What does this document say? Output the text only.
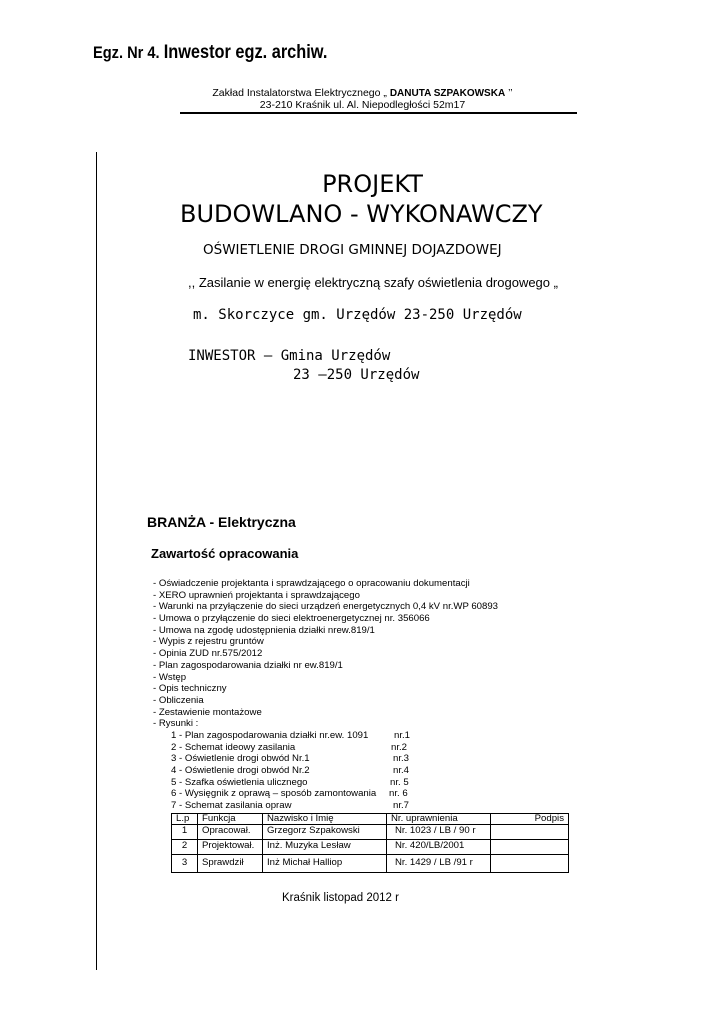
Egz. Nr 4. Inwestor egz. archiw.
Zakład Instalatorstwa Elektrycznego „ DANUTA SZPAKOWSKA ’’
23-210 Kraśnik ul. Al. Niepodległości 52m17
PROJEKT
BUDOWLANO - WYKONAWCZY
OŚWIETLENIE DROGI GMINNEJ DOJAZDOWEJ
,, Zasilanie w energię elektryczną szafy oświetlenia drogowego „
m. Skorczyce gm. Urzędów 23-250 Urzędów
INWESTOR – Gmina Urzędów
23 –250 Urzędów
BRANŻA - Elektryczna
Zawartość opracowania
- Oświadczenie projektanta i sprawdzającego o opracowaniu dokumentacji
- XERO uprawnień projektanta i sprawdzającego
- Warunki na przyłączenie do sieci urządzeń energetycznych 0,4 kV nr.WP 60893
- Umowa o przyłączenie do sieci elektroenergetycznej nr. 356066
- Umowa na zgodę udostępnienia działki nrew.819/1
- Wypis z rejestru gruntów
- Opinia ZUD nr.575/2012
- Plan zagospodarowania działki nr ew.819/1
- Wstęp
- Opis techniczny
- Obliczenia
- Zestawienie montażowe
- Rysunki :
1 - Plan zagospodarowania działki nr.ew. 1091	nr.1
2 - Schemat ideowy zasilania	nr.2
3 - Oświetlenie drogi obwód Nr.1	nr.3
4 - Oświetlenie drogi obwód Nr.2	nr.4
5 - Szafka oświetlenia ulicznego	nr. 5
6 - Wysięgnik z oprawą – sposób zamontowania nr. 6
7 - Schemat zasilania opraw	nr.7
L.p	Funkcja	Nazwisko i Imię	Nr. uprawnienia	Podpis
1	Opracował.	Grzegorz Szpakowski	Nr. 1023 / LB / 90 r	
2	Projektował.	Inż. Muzyka Lesław	Nr. 420/LB/2001	
3	Sprawdził	Inż Michał Halliop	Nr. 1429 / LB /91 r	
Kraśnik listopad 2012 r
